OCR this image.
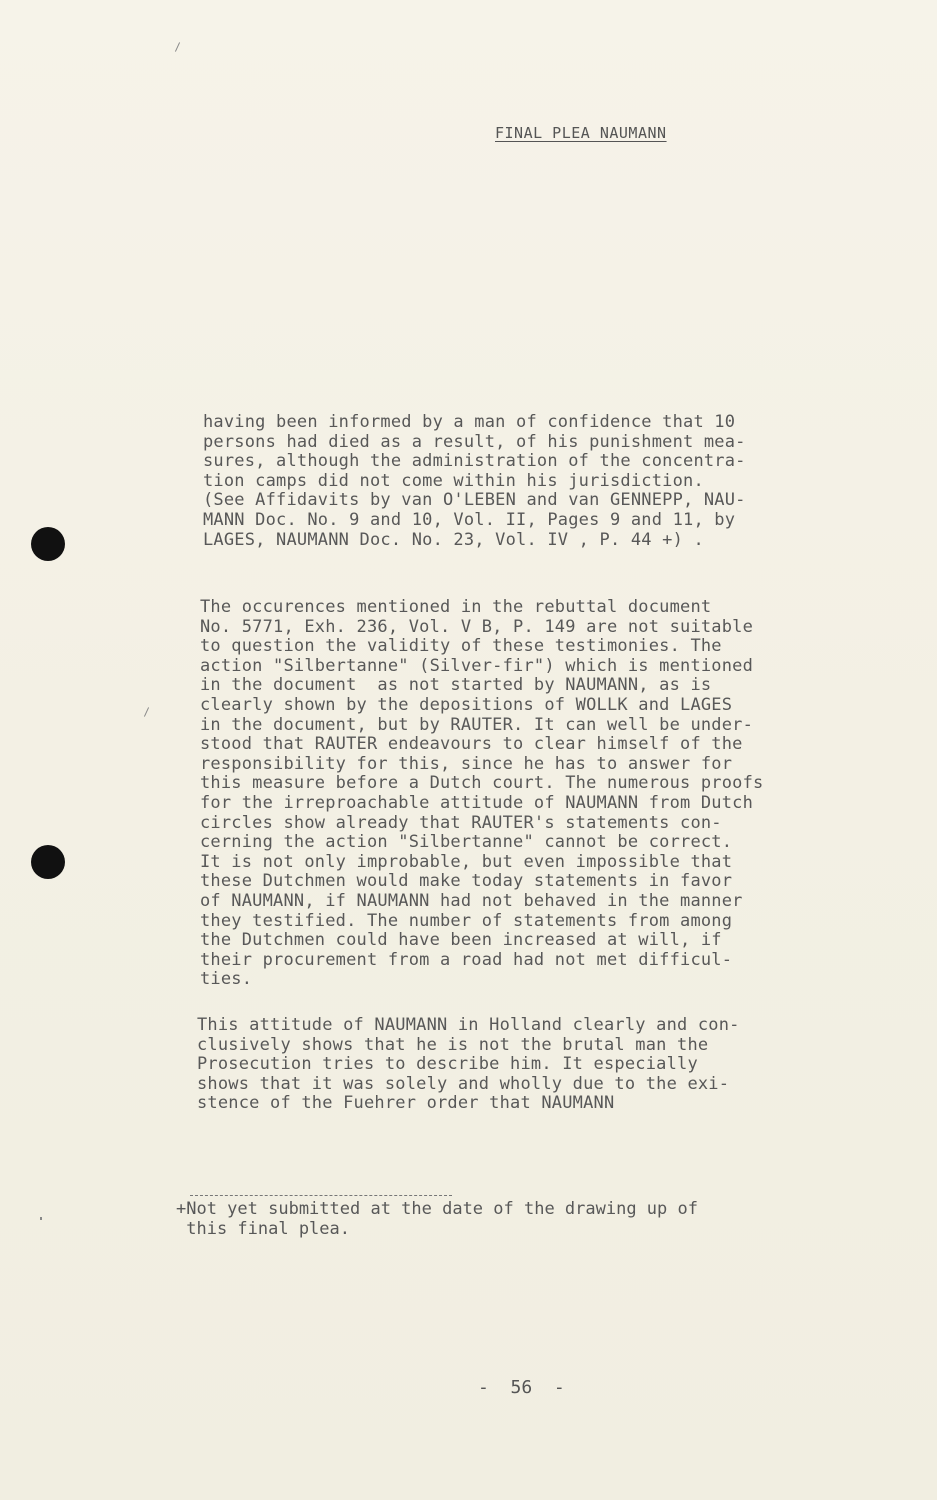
FINAL PLEA NAUMANN
having been informed by a man of confidence that 10
persons had died as a result, of his punishment mea-
sures, although the administration of the concentra-
tion camps did not come within his jurisdiction.
(See Affidavits by van O'LEBEN and van GENNEPP, NAU-
MANN Doc. No. 9 and 10, Vol. II, Pages 9 and 11, by
LAGES, NAUMANN Doc. No. 23, Vol. IV , P. 44 +) .
The occurences mentioned in the rebuttal document
No. 5771, Exh. 236, Vol. V B, P. 149 are not suitable
to question the validity of these testimonies. The
action "Silbertanne" (Silver-fir") which is mentioned
in the document  as not started by NAUMANN, as is
clearly shown by the depositions of WOLLK and LAGES
in the document, but by RAUTER. It can well be under-
stood that RAUTER endeavours to clear himself of the
responsibility for this, since he has to answer for
this measure before a Dutch court. The numerous proofs
for the irreproachable attitude of NAUMANN from Dutch
circles show already that RAUTER's statements con-
cerning the action "Silbertanne" cannot be correct.
It is not only improbable, but even impossible that
these Dutchmen would make today statements in favor
of NAUMANN, if NAUMANN had not behaved in the manner
they testified. The number of statements from among
the Dutchmen could have been increased at will, if
their procurement from a road had not met difficul-
ties.
This attitude of NAUMANN in Holland clearly and con-
clusively shows that he is not the brutal man the
Prosecution tries to describe him. It especially
shows that it was solely and wholly due to the exi-
stence of the Fuehrer order that NAUMANN
+Not yet submitted at the date of the drawing up of
this final plea.
-  56  -
